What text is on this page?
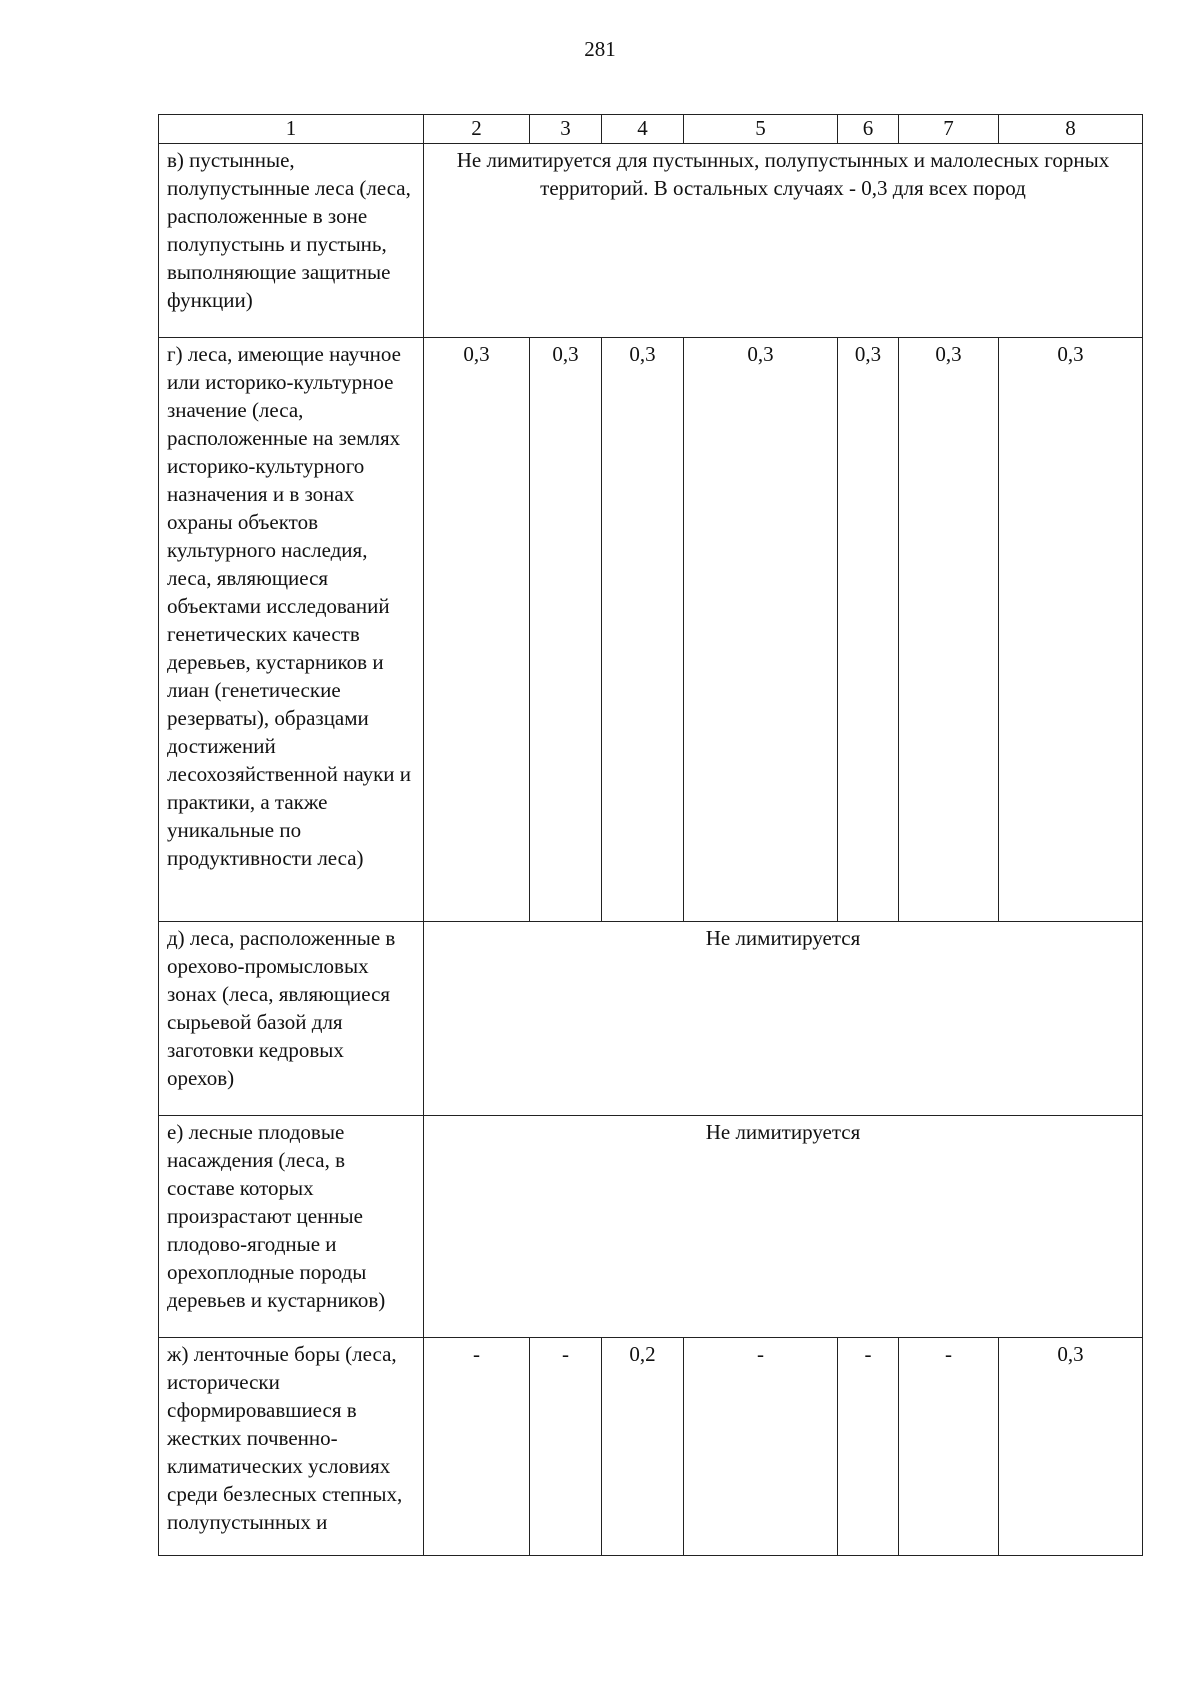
281
1	2	3	4	5	6	7	8
в) пустынные, полупустынные леса (леса, расположенные в зоне полупустынь и пустынь, выполняющие защитные функции)	Не лимитируется для пустынных, полупустынных и малолесных горных территорий. В остальных случаях - 0,3 для всех пород						
г) леса, имеющие научное или историко-культурное значение (леса, расположенные на землях историко-культурного назначения и в зонах охраны объектов культурного наследия, леса, являющиеся объектами исследований генетических качеств деревьев, кустарников и лиан (генетические резерваты), образцами достижений лесохозяйственной науки и практики, а также уникальные по продуктивности леса)	0,3	0,3	0,3	0,3	0,3	0,3	0,3
д) леса, расположенные в орехово-промысловых зонах (леса, являющиеся сырьевой базой для заготовки кедровых орехов)	Не лимитируется						
е) лесные плодовые насаждения (леса, в составе которых произрастают ценные плодово-ягодные и орехоплодные породы деревьев и кустарников)	Не лимитируется						
ж) ленточные боры (леса, исторически сформировавшиеся в жестких почвенно-климатических условиях среди безлесных степных, полупустынных и	-	-	0,2	-	-	-	0,3
